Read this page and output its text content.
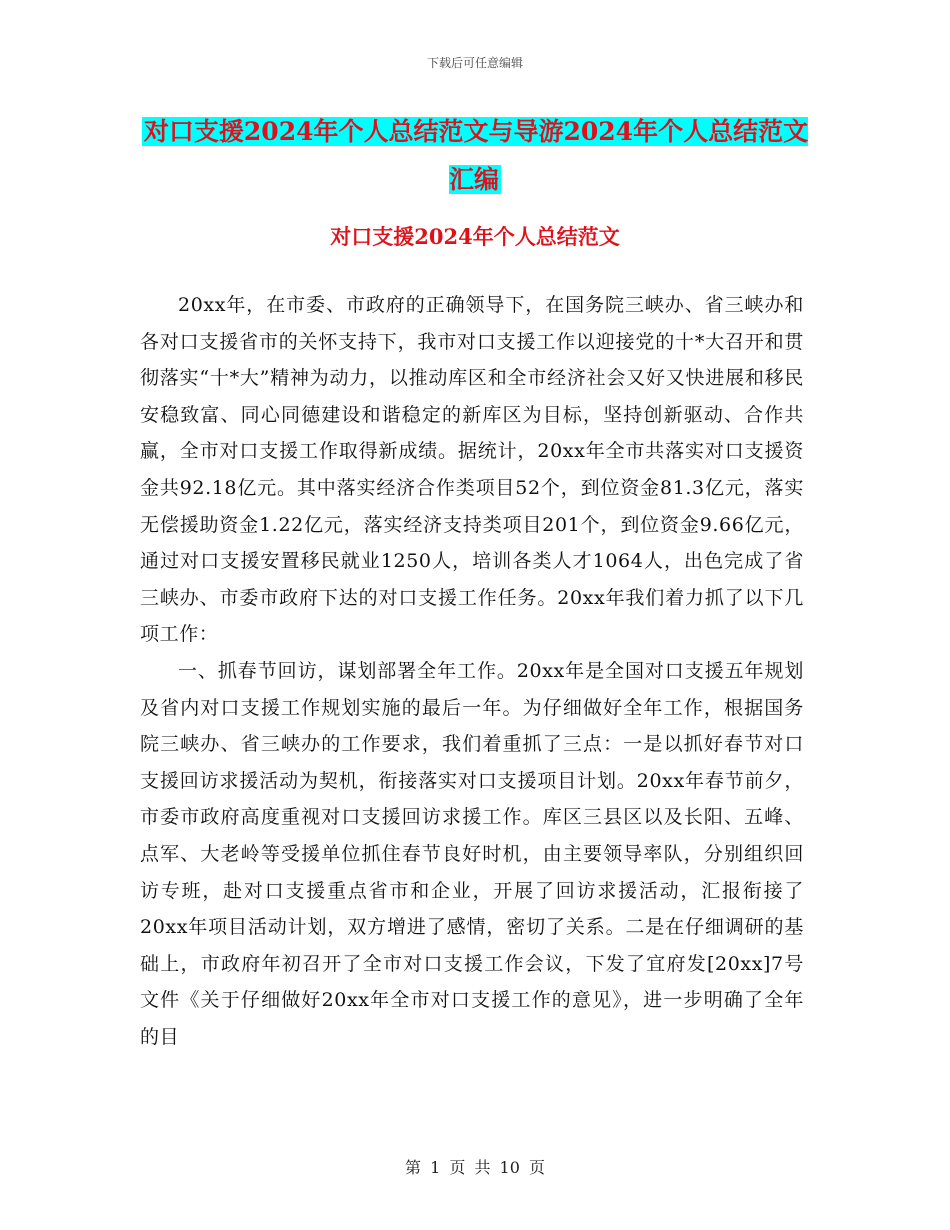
下载后可任意编辑
对口支援2024年个人总结范文与导游2024年个人总结范文汇编
对口支援2024年个人总结范文

20xx年，在市委、市政府的正确领导下，在国务院三峡办、省三峡办和各对口支援省市的关怀支持下，我市对口支援工作以迎接党的十*大召开和贯彻落实“十*大”精神为动力，以推动库区和全市经济社会又好又快进展和移民安稳致富、同心同德建设和谐稳定的新库区为目标，坚持创新驱动、合作共赢，全市对口支援工作取得新成绩。据统计，20xx年全市共落实对口支援资金共92.18亿元。其中落实经济合作类项目52个，到位资金81.3亿元，落实无偿援助资金1.22亿元，落实经济支持类项目201个，到位资金9.66亿元，通过对口支援安置移民就业1250人，培训各类人才1064人，出色完成了省三峡办、市委市政府下达的对口支援工作任务。20xx年我们着力抓了以下几项工作：

一、抓春节回访，谋划部署全年工作。20xx年是全国对口支援五年规划及省内对口支援工作规划实施的最后一年。为仔细做好全年工作，根据国务院三峡办、省三峡办的工作要求，我们着重抓了三点：一是以抓好春节对口支援回访求援活动为契机，衔接落实对口支援项目计划。20xx年春节前夕，市委市政府高度重视对口支援回访求援工作。库区三县区以及长阳、五峰、点军、大老岭等受援单位抓住春节良好时机，由主要领导率队，分别组织回访专班，赴对口支援重点省市和企业，开展了回访求援活动，汇报衔接了20xx年项目活动计划，双方增进了感情，密切了关系。二是在仔细调研的基础上，市政府年初召开了全市对口支援工作会议，下发了宜府发[20xx]7号文件《关于仔细做好20xx年全市对口支援工作的意见》，进一步明确了全年的目

第 1 页 共 10 页
